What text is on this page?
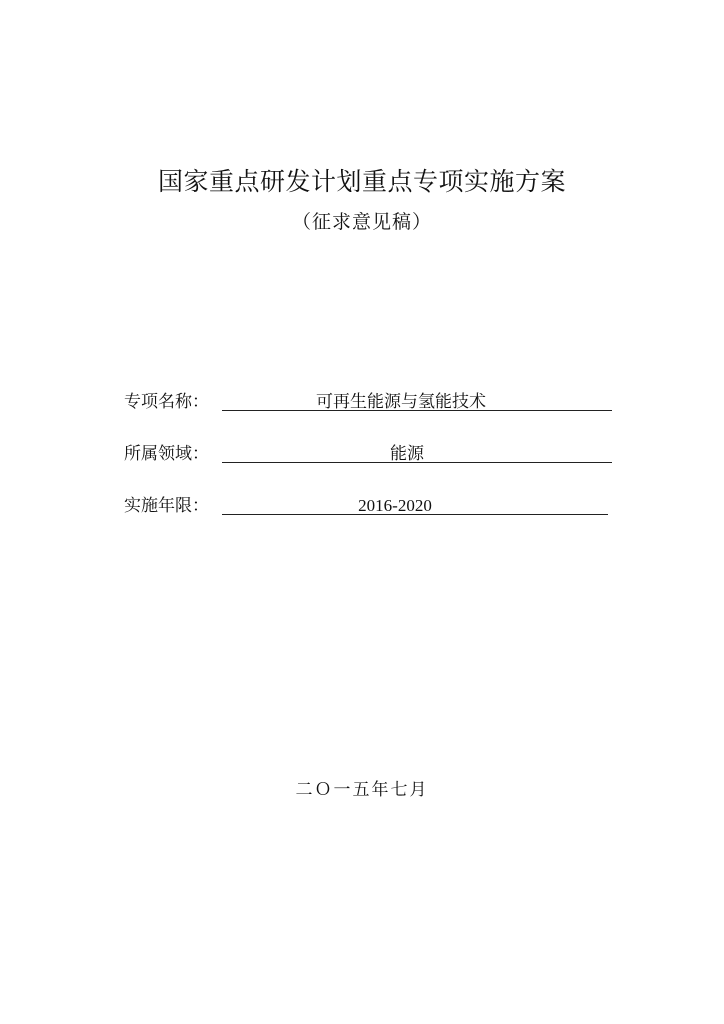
国家重点研发计划重点专项实施方案
（征求意见稿）
专项名称：	可再生能源与氢能技术
所属领域：	能源
实施年限：	2016-2020
二Ｏ一五年七月
